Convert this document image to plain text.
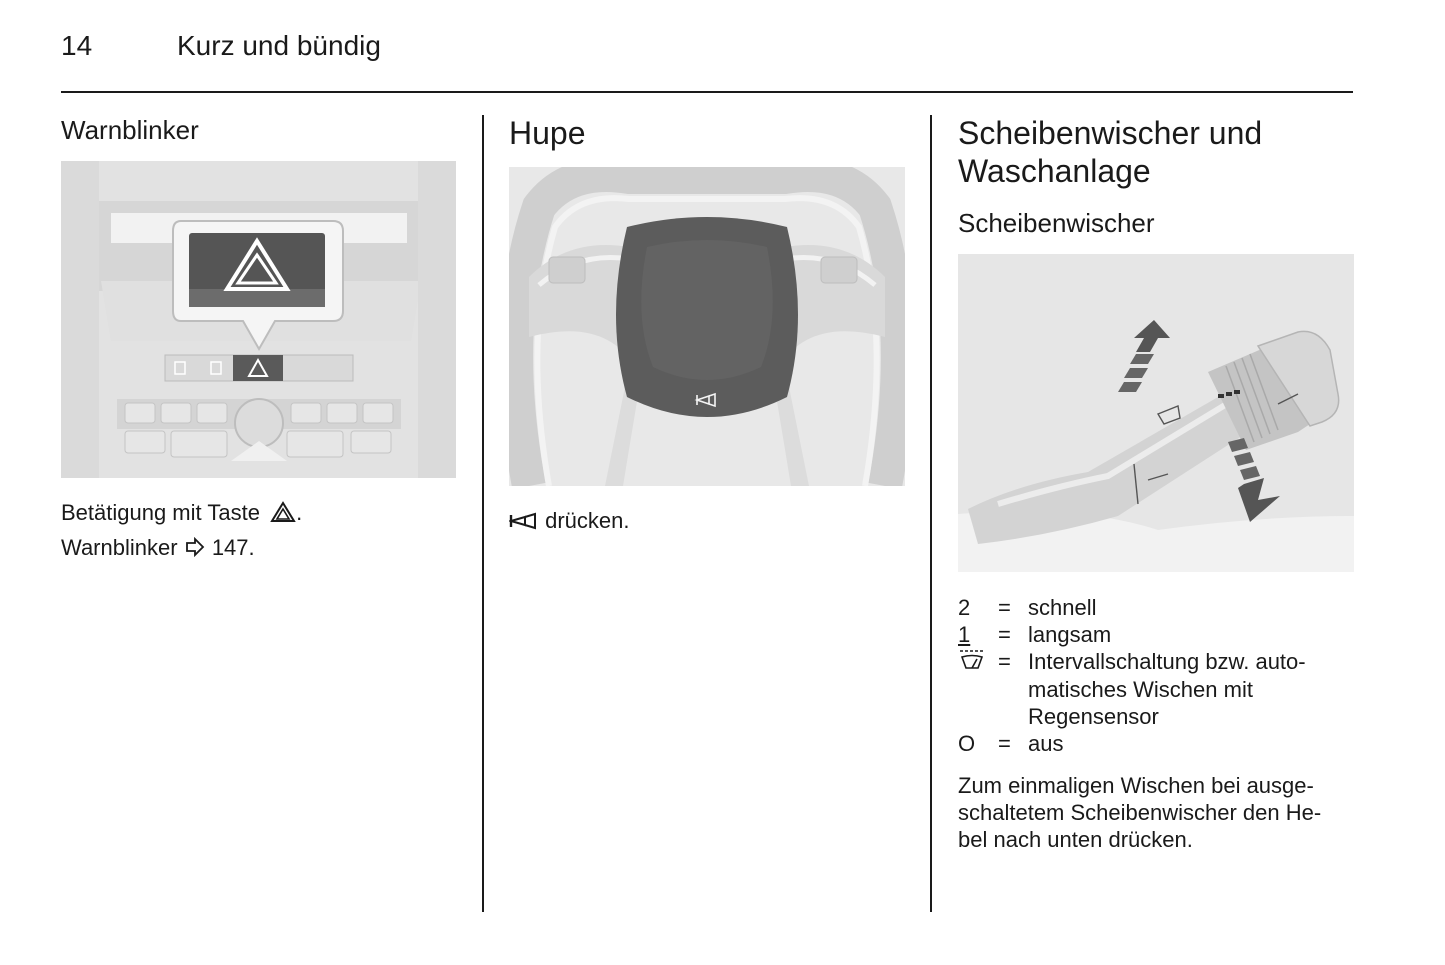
14	Kurz und bündig
Warnblinker
Betätigung mit Taste .
Warnblinker 147.
Hupe
drücken.
Scheibenwischer und
Waschanlage
Scheibenwischer
2	= schnell
1	= langsam
= Intervallschaltung bzw. auto-
matisches Wischen mit
Regensensor
O	= aus
Zum einmaligen Wischen bei ausge-
schaltetem Scheibenwischer den He-
bel nach unten drücken.
